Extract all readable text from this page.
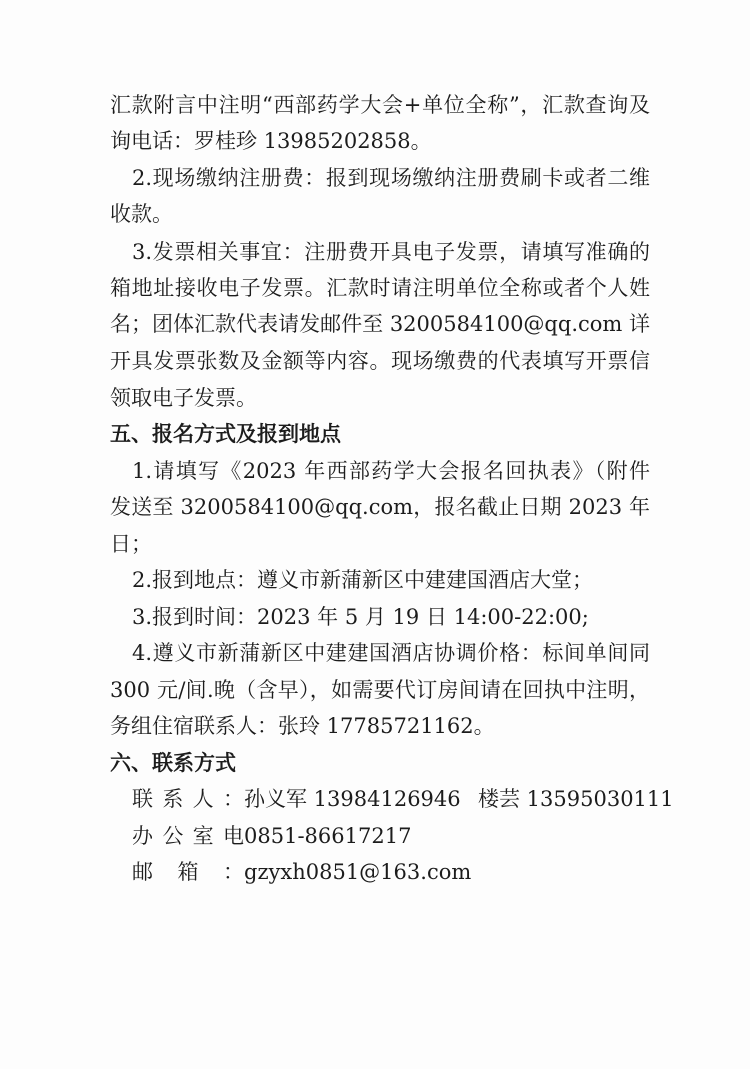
汇款附言中注明“西部药学大会+单位全称”，汇款查询及
询电话：罗桂珍 13985202858。
2.现场缴纳注册费：报到现场缴纳注册费刷卡或者二维
收款。
3.发票相关事宜：注册费开具电子发票，请填写准确的
箱地址接收电子发票。汇款时请注明单位全称或者个人姓
名；团体汇款代表请发邮件至 3200584100@qq.com 详
开具发票张数及金额等内容。现场缴费的代表填写开票信
领取电子发票。
五、报名方式及报到地点
1.请填写《2023 年西部药学大会报名回执表》（附件
发送至 3200584100@qq.com，报名截止日期 2023 年
日；
2.报到地点：遵义市新蒲新区中建建国酒店大堂；
3.报到时间：2023 年 5 月 19 日 14:00-22:00;
4.遵义市新蒲新区中建建国酒店协调价格：标间单间同
300 元/间.晚（含早），如需要代订房间请在回执中注明，
务组住宿联系人：张玲 17785721162。
六、联系方式
联系人： 孙义军 13984126946 楼芸 13595030111
办公室电 0851-86617217
邮箱： gzyxh0851@163.com
